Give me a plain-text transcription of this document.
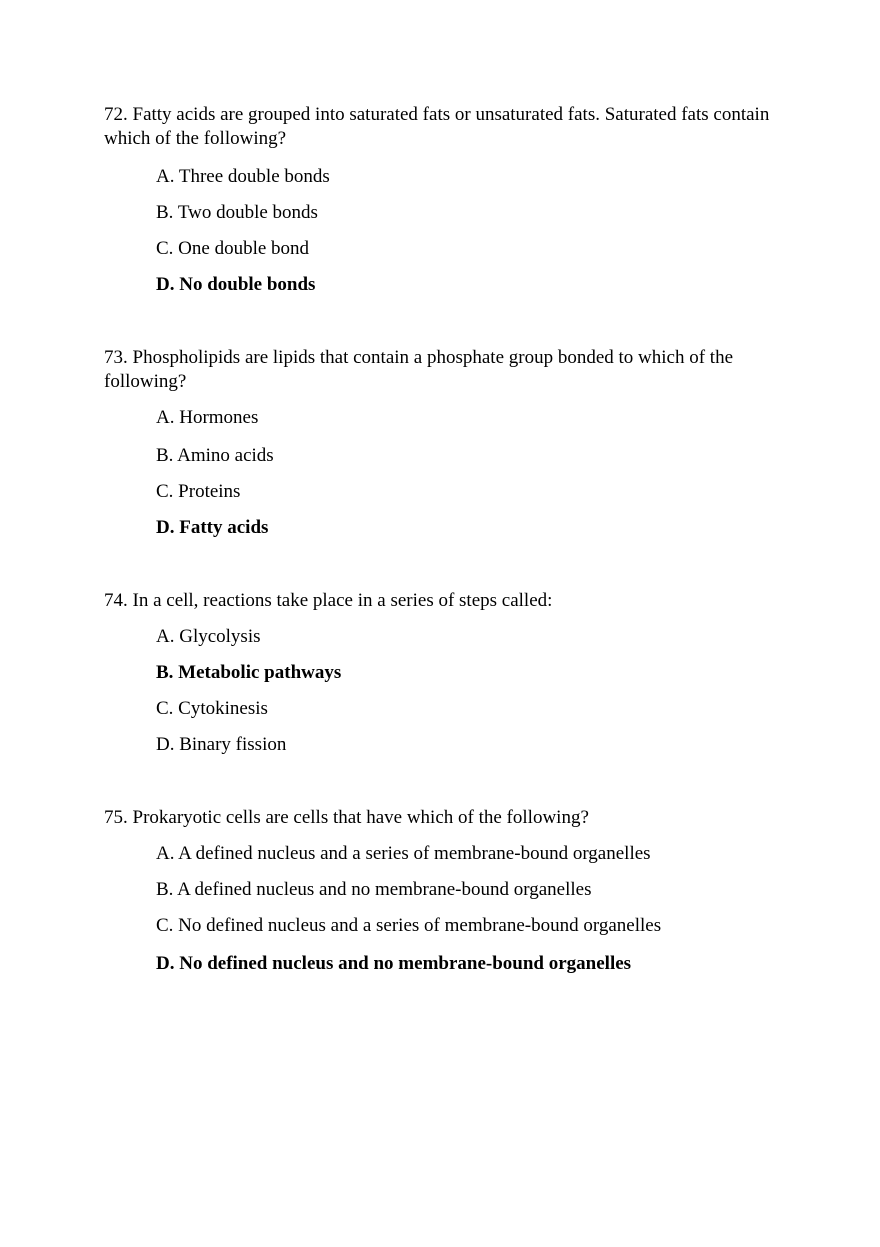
72. Fatty acids are grouped into saturated fats or unsaturated fats. Saturated fats contain which of the following?
A. Three double bonds
B. Two double bonds
C. One double bond
D. No double bonds
73. Phospholipids are lipids that contain a phosphate group bonded to which of the following?
A. Hormones
B. Amino acids
C. Proteins
D. Fatty acids
74. In a cell, reactions take place in a series of steps called:
A. Glycolysis
B. Metabolic pathways
C. Cytokinesis
D. Binary fission
75. Prokaryotic cells are cells that have which of the following?
A. A defined nucleus and a series of membrane-bound organelles
B. A defined nucleus and no membrane-bound organelles
C. No defined nucleus and a series of membrane-bound organelles
D. No defined nucleus and no membrane-bound organelles
